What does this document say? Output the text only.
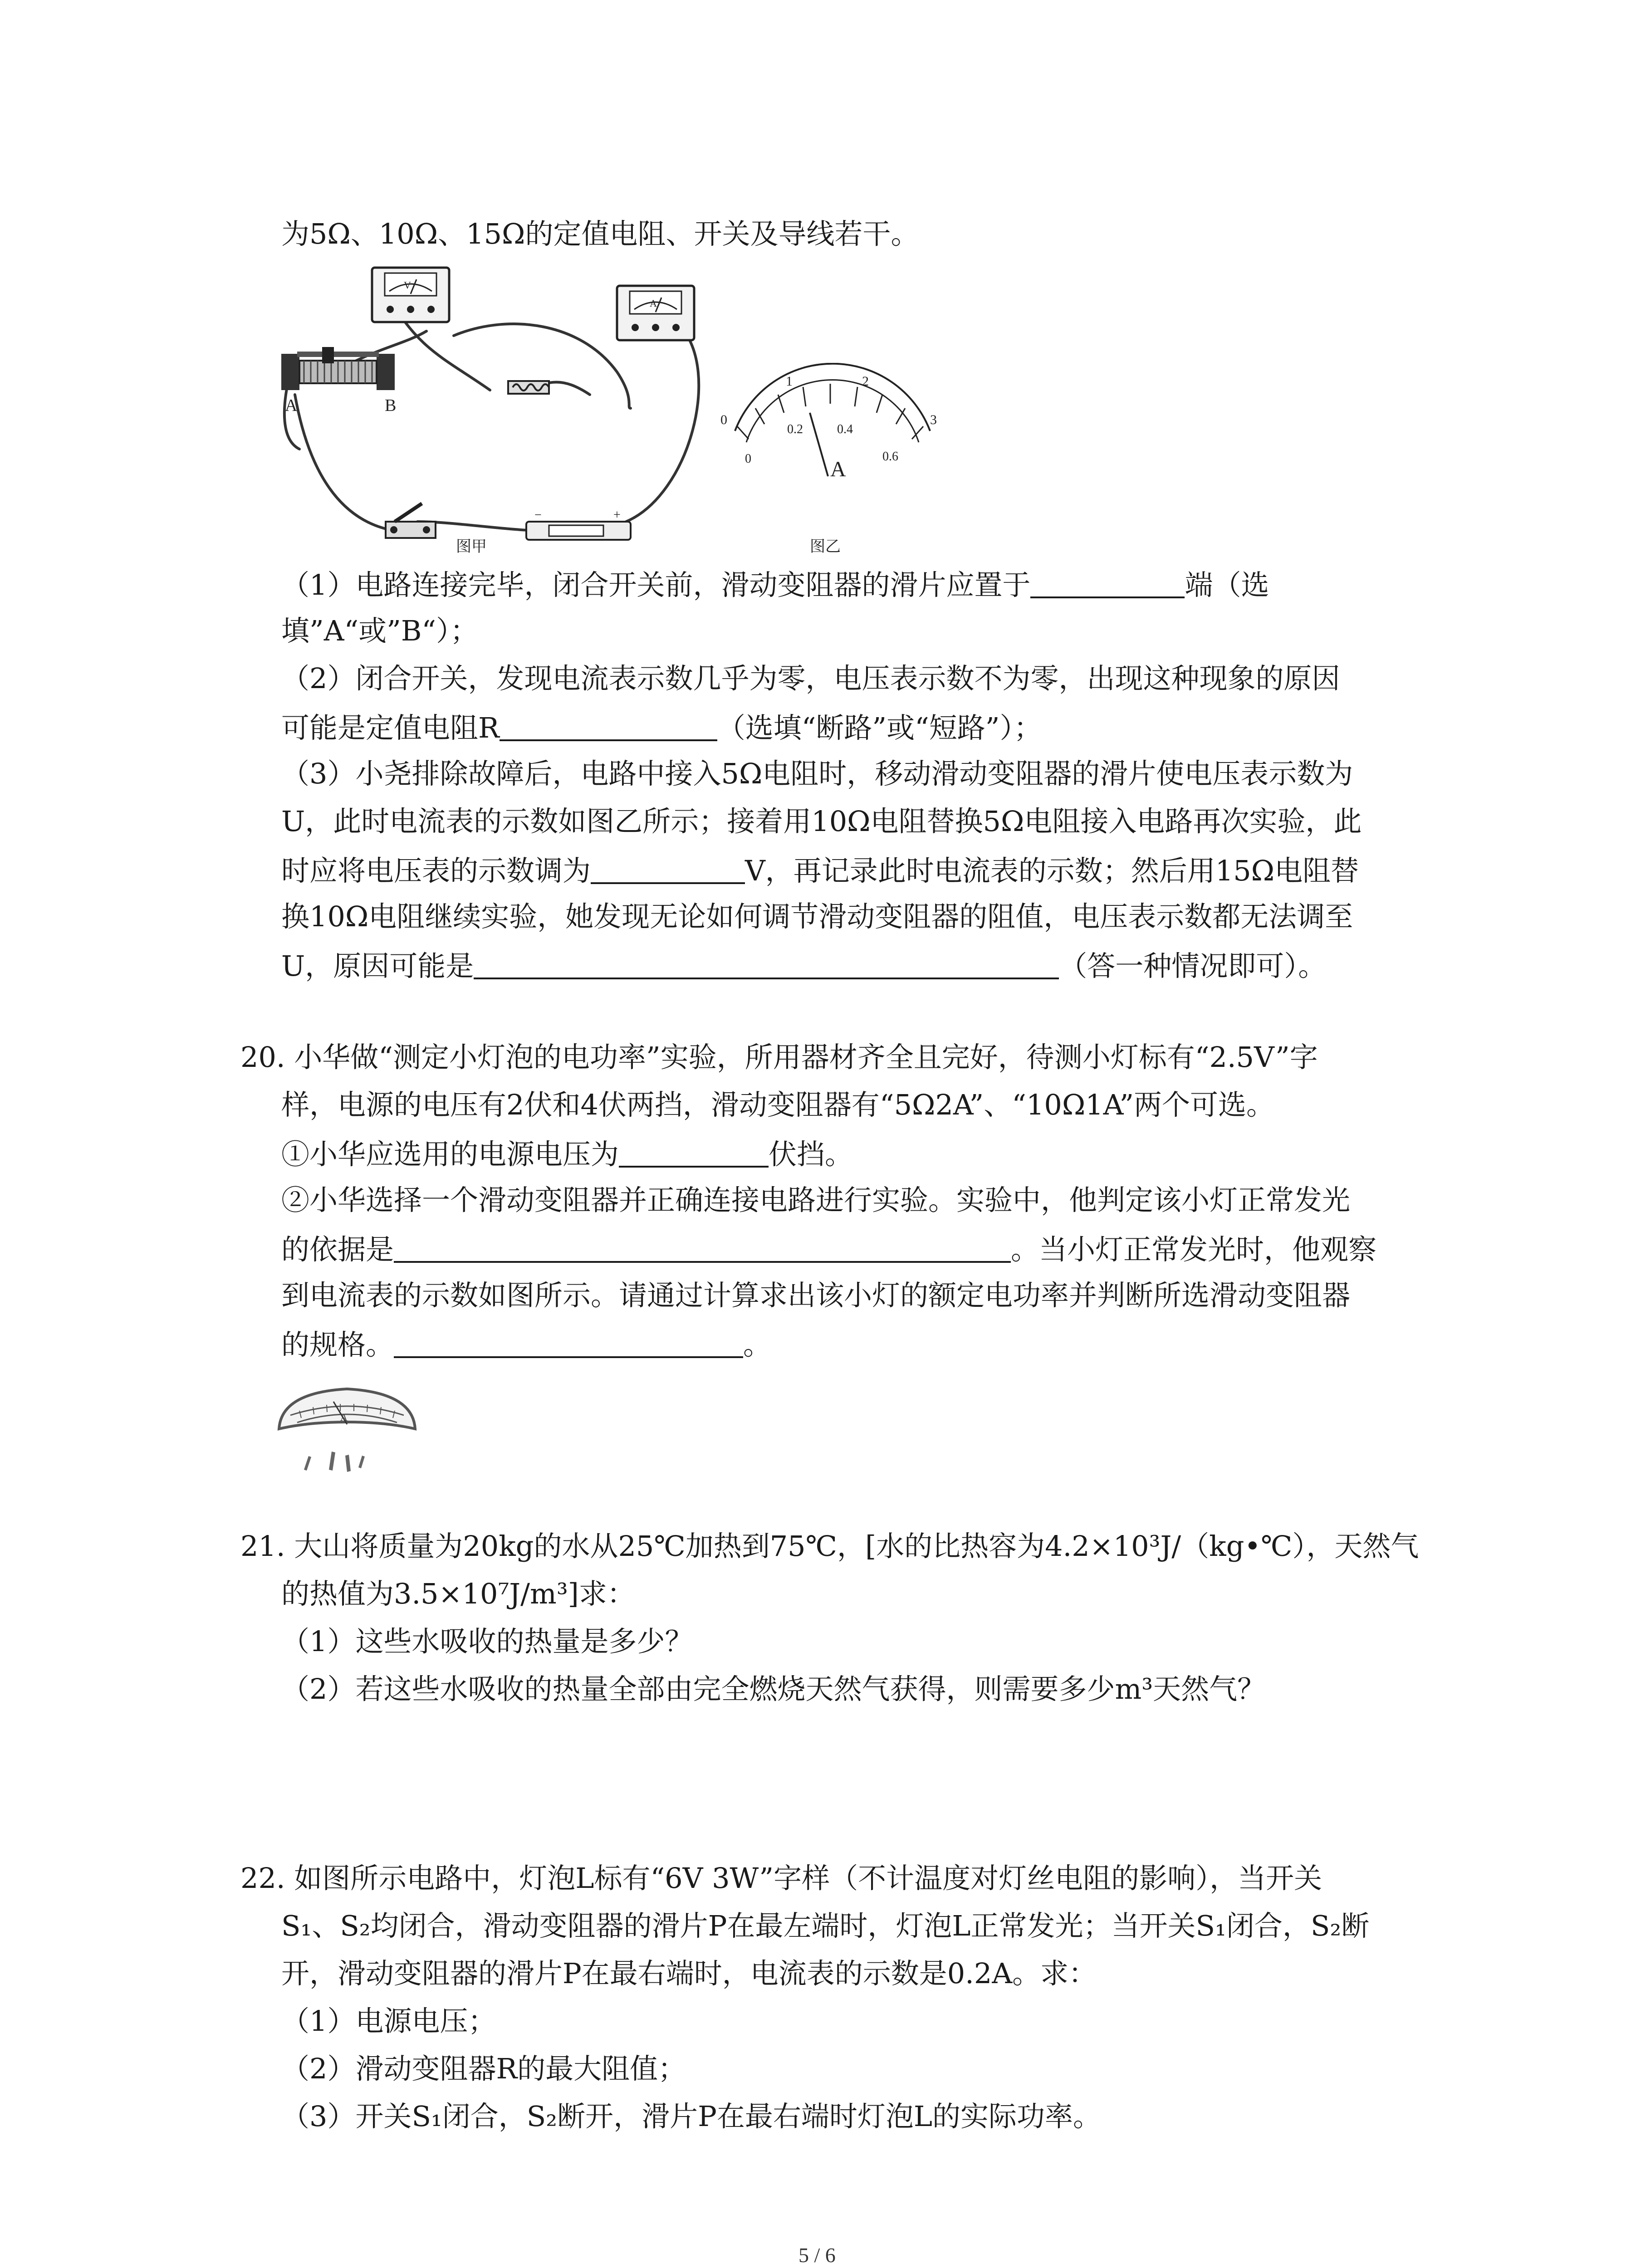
为5Ω、10Ω、15Ω的定值电阻、开关及导线若干。

V
A
A	B
−	+
0
1	2
3
0
0.2	0.4
0.6
A
图甲	图乙

（1）电路连接完毕，闭合开关前，滑动变阻器的滑片应置于	端（选

填”A“或”B“）；

（2）闭合开关，发现电流表示数几乎为零，电压表示数不为零，出现这种现象的原因

可能是定值电阻R	（选填“断路”或“短路”）；

（3）小尧排除故障后，电路中接入5Ω电阻时，移动滑动变阻器的滑片使电压表示数为

U，此时电流表的示数如图乙所示；接着用10Ω电阻替换5Ω电阻接入电路再次实验，此

时应将电压表的示数调为	V，再记录此时电流表的示数；然后用15Ω电阻替

换10Ω电阻继续实验，她发现无论如何调节滑动变阻器的阻值，电压表示数都无法调至

U，原因可能是	（答一种情况即可）。

20. 小华做“测定小灯泡的电功率”实验，所用器材齐全且完好，待测小灯标有“2.5V”字

样，电源的电压有2伏和4伏两挡，滑动变阻器有“5Ω2A”、“10Ω1A”两个可选。

①小华应选用的电源电压为	伏挡。

②小华选择一个滑动变阻器并正确连接电路进行实验。实验中，他判定该小灯正常发光

的依据是	。当小灯正常发光时，他观察

到电流表的示数如图所示。请通过计算求出该小灯的额定电功率并判断所选滑动变阻器

的规格。	。

A

21. 大山将质量为20kg的水从25℃加热到75℃，[水的比热容为4.2×10³J/（kg•℃），天然气

的热值为3.5×10⁷J/m³]求：

（1）这些水吸收的热量是多少？

（2）若这些水吸收的热量全部由完全燃烧天然气获得，则需要多少m³天然气？

22. 如图所示电路中，灯泡L标有“6V 3W”字样（不计温度对灯丝电阻的影响），当开关

S₁、S₂均闭合，滑动变阻器的滑片P在最左端时，灯泡L正常发光；当开关S₁闭合，S₂断

开，滑动变阻器的滑片P在最右端时，电流表的示数是0.2A。求：

（1）电源电压；

（2）滑动变阻器R的最大阻值；

（3）开关S₁闭合，S₂断开，滑片P在最右端时灯泡L的实际功率。

5 / 6
